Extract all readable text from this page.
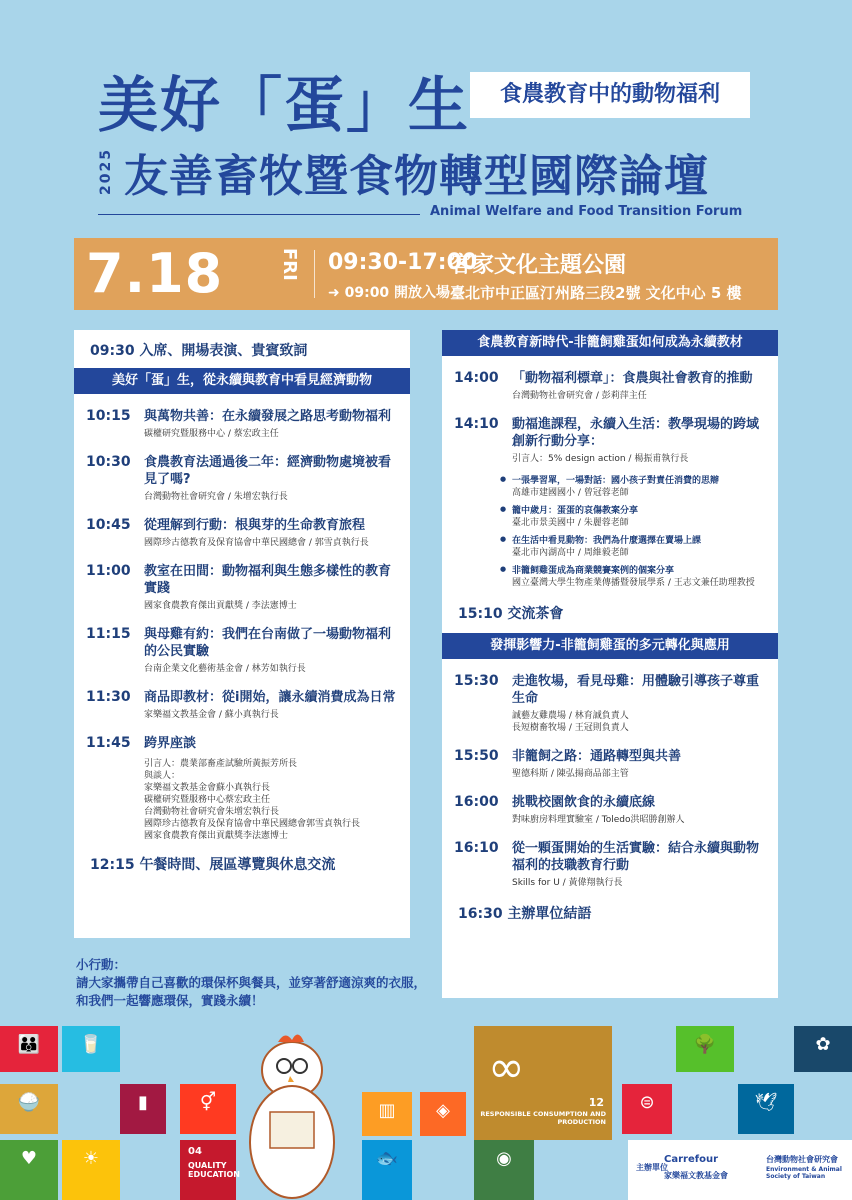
美好「蛋」生	食農教育中的動物福利
2025 友善畜牧暨食物轉型國際論壇
Animal Welfare and Food Transition Forum
7.18	FRI 09:30-17:00
➜ 09:00 開放入場
客家文化主題公園
臺北市中正區汀州路三段2號 文化中心 5 樓
09:30 入席、開場表演、貴賓致詞
美好「蛋」生，從永續與教育中看見經濟動物
10:15 與萬物共善：在永續發展之路思考動物福利
碳權研究暨服務中心 / 蔡宏政主任
10:30 食農教育法通過後二年：經濟動物處境被看見了嗎?
台灣動物社會研究會 / 朱增宏執行長
10:45 從理解到行動：根與芽的生命教育旅程
國際珍古德教育及保育協會中華民國總會 / 郭雪貞執行長
11:00 教室在田間：動物福利與生態多樣性的教育實踐
國家食農教育傑出貢獻獎 / 李法憲博士
11:15 與母雞有約：我們在台南做了一場動物福利的公民實驗
台南企業文化藝術基金會 / 林芳如執行長
11:30 商品即教材：從i開始，讓永續消費成為日常
家樂福文教基金會 / 蘇小真執行長
11:45 跨界座談
引言人：農業部畜產試驗所黃振芳所長
與談人：
家樂福文教基金會蘇小真執行長
碳權研究暨服務中心蔡宏政主任
台灣動物社會研究會朱增宏執行長
國際珍古德教育及保育協會中華民國總會郭雪貞執行長
國家食農教育傑出貢獻獎李法憲博士
12:15 午餐時間、展區導覽與休息交流
小行動：
請大家攜帶自己喜歡的環保杯與餐具，並穿著舒適涼爽的衣服，和我們一起響應環保，實踐永續！
食農教育新時代-非籠飼雞蛋如何成為永續教材
14:00 「動物福利標章」：食農與社會教育的推動
台灣動物社會研究會 / 彭莉萍主任
14:10 動福進課程，永續入生活：教學現場的跨域創新行動分享：
引言人：5% design action / 楊振甫執行長
● 一張學習單，一場對話：國小孩子對責任消費的思辯
高雄市建國國小 / 曾冠蓉老師
● 籠中歲月：蛋蛋的哀傷教案分享
臺北市景美國中 / 朱麗蓉老師
● 在生活中看見動物：我們為什麼選擇在賣場上課
臺北市內湖高中 / 周維毅老師
● 非籠飼雞蛋成為商業競賽案例的個案分享
國立臺灣大學生物產業傳播暨發展學系 / 王志文兼任助理教授
15:10 交流茶會
發揮影響力-非籠飼雞蛋的多元轉化與應用
15:30 走進牧場，看見母雞：用體驗引導孩子尊重生命
誠藝友雞農場 / 林育誠負責人
長短樹畜牧場 / 王冠則負責人
15:50 非籠飼之路：通路轉型與共善
聖德科斯 / 陳弘揚商品部主管
16:00 挑戰校園飲食的永續底線
對味廚房料理實驗室 / Toledo洪昭勝創辦人
16:10 從一顆蛋開始的生活實驗：結合永續與動物福利的技職教育行動
Skills for U / 黃偉翔執行長
16:30 主辦單位結語
👪	🥛
🍚	▮	⚥
♥	☀	04
QUALITY EDUCATION
▥	◈
🐟	◉
🌳
⊜	🕊
✿
∞
12
RESPONSIBLE CONSUMPTION AND PRODUCTION
主辦單位
Carrefour
家樂福文教基金會
台灣動物社會研究會
Environment & Animal Society of Taiwan
